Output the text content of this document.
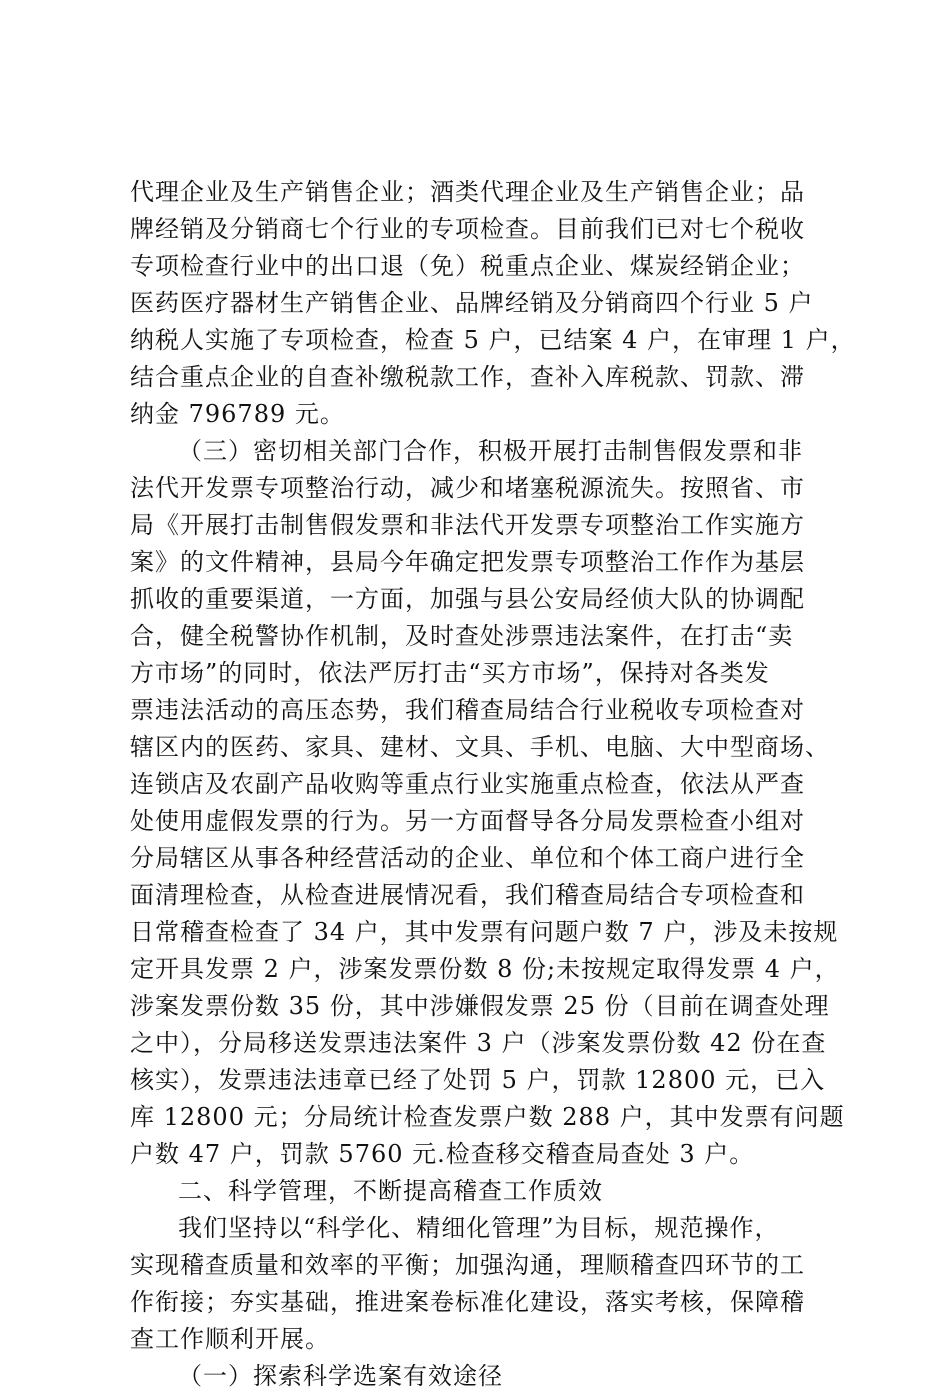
代理企业及生产销售企业；酒类代理企业及生产销售企业；品
牌经销及分销商七个行业的专项检查。目前我们已对七个税收
专项检查行业中的出口退（免）税重点企业、煤炭经销企业；
医药医疗器材生产销售企业、品牌经销及分销商四个行业 5 户
纳税人实施了专项检查，检查 5 户，已结案 4 户，在审理 1 户，
结合重点企业的自查补缴税款工作，查补入库税款、罚款、滞
纳金 796789 元。

（三）密切相关部门合作，积极开展打击制售假发票和非
法代开发票专项整治行动，减少和堵塞税源流失。按照省、市
局《开展打击制售假发票和非法代开发票专项整治工作实施方
案》的文件精神，县局今年确定把发票专项整治工作作为基层
抓收的重要渠道，一方面，加强与县公安局经侦大队的协调配
合，健全税警协作机制，及时查处涉票违法案件，在打击“卖
方市场”的同时，依法严厉打击“买方市场”，保持对各类发
票违法活动的高压态势，我们稽查局结合行业税收专项检查对
辖区内的医药、家具、建材、文具、手机、电脑、大中型商场、
连锁店及农副产品收购等重点行业实施重点检查，依法从严查
处使用虚假发票的行为。另一方面督导各分局发票检查小组对
分局辖区从事各种经营活动的企业、单位和个体工商户进行全
面清理检查，从检查进展情况看，我们稽查局结合专项检查和
日常稽查检查了 34 户，其中发票有问题户数 7 户，涉及未按规
定开具发票 2 户，涉案发票份数 8 份;未按规定取得发票 4 户，
涉案发票份数 35 份，其中涉嫌假发票 25 份（目前在调查处理
之中），分局移送发票违法案件 3 户（涉案发票份数 42 份在查
核实），发票违法违章已经了处罚 5 户，罚款 12800 元，已入
库 12800 元；分局统计检查发票户数 288 户，其中发票有问题
户数 47 户，罚款 5760 元.检查移交稽查局查处 3 户。

二、科学管理，不断提高稽查工作质效

我们坚持以“科学化、精细化管理”为目标，规范操作，
实现稽查质量和效率的平衡；加强沟通，理顺稽查四环节的工
作衔接；夯实基础，推进案卷标准化建设，落实考核，保障稽
查工作顺利开展。

（一）探索科学选案有效途径
